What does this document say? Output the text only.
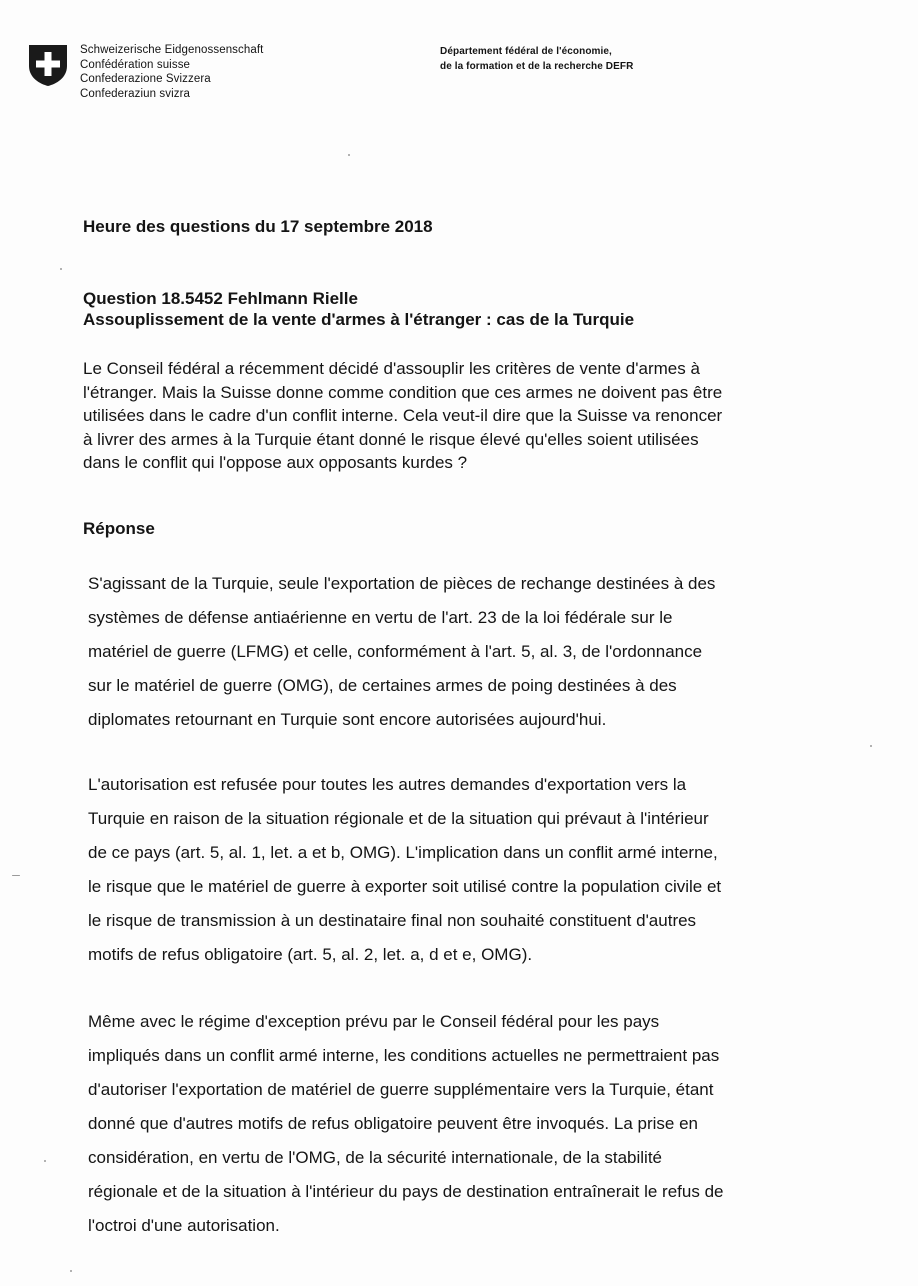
Schweizerische Eidgenossenschaft
Confédération suisse
Confederazione Svizzera
Confederaziun svizra
Département fédéral de l'économie,
de la formation et de la recherche DEFR
Heure des questions du 17 septembre 2018
Question 18.5452 Fehlmann Rielle
Assouplissement de la vente d'armes à l'étranger : cas de la Turquie
Le Conseil fédéral a récemment décidé d'assouplir les critères de vente d'armes à
l'étranger. Mais la Suisse donne comme condition que ces armes ne doivent pas être
utilisées dans le cadre d'un conflit interne. Cela veut-il dire que la Suisse va renoncer
à livrer des armes à la Turquie étant donné le risque élevé qu'elles soient utilisées
dans le conflit qui l'oppose aux opposants kurdes ?
Réponse
S'agissant de la Turquie, seule l'exportation de pièces de rechange destinées à des
systèmes de défense antiaérienne en vertu de l'art. 23 de la loi fédérale sur le
matériel de guerre (LFMG) et celle, conformément à l'art. 5, al. 3, de l'ordonnance
sur le matériel de guerre (OMG), de certaines armes de poing destinées à des
diplomates retournant en Turquie sont encore autorisées aujourd'hui.
L'autorisation est refusée pour toutes les autres demandes d'exportation vers la
Turquie en raison de la situation régionale et de la situation qui prévaut à l'intérieur
de ce pays (art. 5, al. 1, let. a et b, OMG). L'implication dans un conflit armé interne,
le risque que le matériel de guerre à exporter soit utilisé contre la population civile et
le risque de transmission à un destinataire final non souhaité constituent d'autres
motifs de refus obligatoire (art. 5, al. 2, let. a, d et e, OMG).
Même avec le régime d'exception prévu par le Conseil fédéral pour les pays
impliqués dans un conflit armé interne, les conditions actuelles ne permettraient pas
d'autoriser l'exportation de matériel de guerre supplémentaire vers la Turquie, étant
donné que d'autres motifs de refus obligatoire peuvent être invoqués. La prise en
considération, en vertu de l'OMG, de la sécurité internationale, de la stabilité
régionale et de la situation à l'intérieur du pays de destination entraînerait le refus de
l'octroi d'une autorisation.
